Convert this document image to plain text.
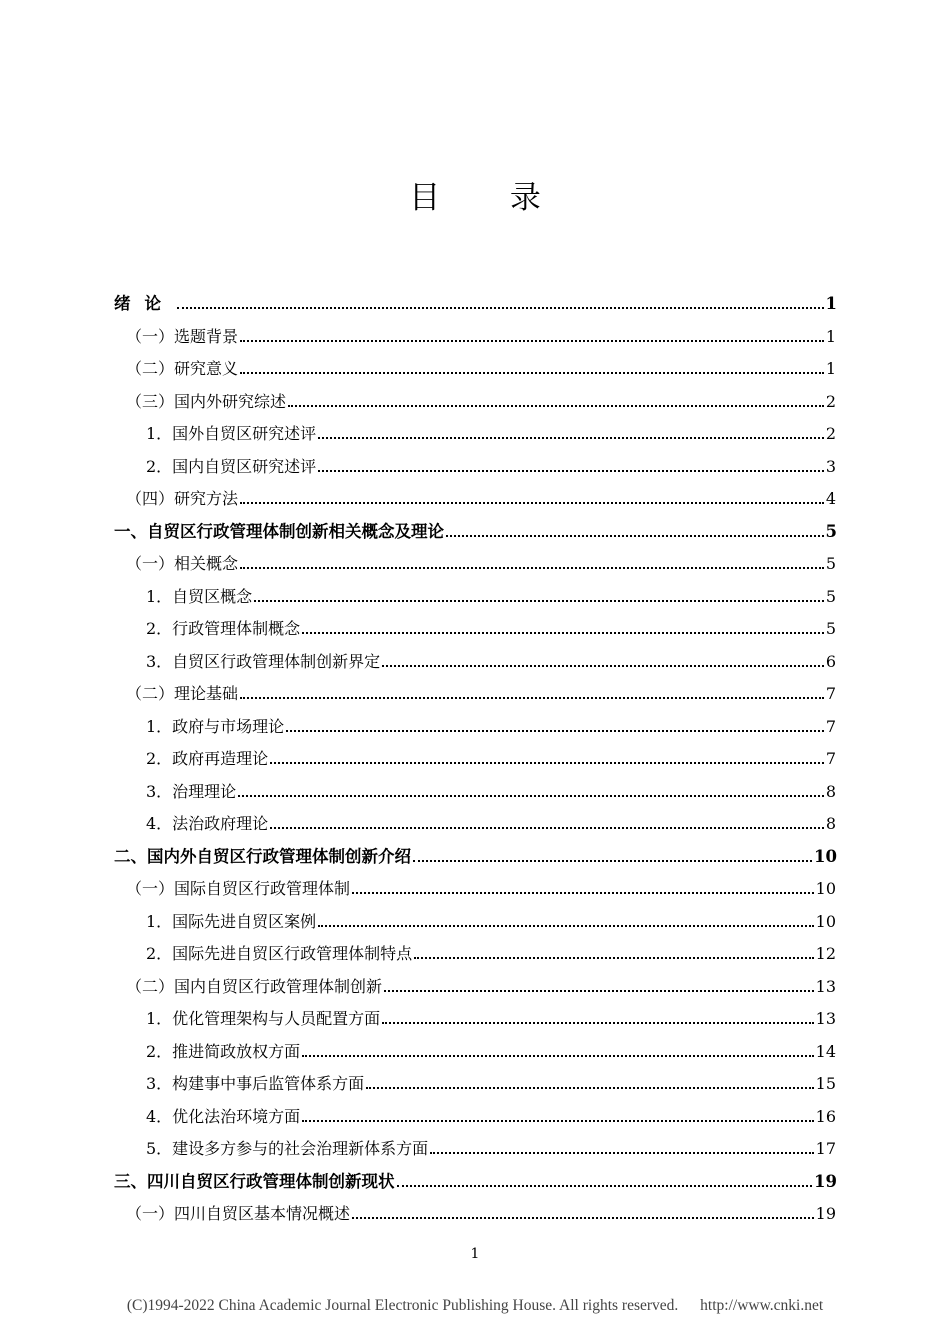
目 录
绪论	1
（一）选题背景	1
（二）研究意义	1
（三）国内外研究综述	2
1．国外自贸区研究述评	2
2．国内自贸区研究述评	3
（四）研究方法	4
一、自贸区行政管理体制创新相关概念及理论	5
（一）相关概念	5
1．自贸区概念	5
2．行政管理体制概念	5
3．自贸区行政管理体制创新界定	6
（二）理论基础	7
1．政府与市场理论	7
2．政府再造理论	7
3．治理理论	8
4．法治政府理论	8
二、国内外自贸区行政管理体制创新介绍	10
（一）国际自贸区行政管理体制	10
1．国际先进自贸区案例	10
2．国际先进自贸区行政管理体制特点	12
（二）国内自贸区行政管理体制创新	13
1．优化管理架构与人员配置方面	13
2．推进简政放权方面	14
3．构建事中事后监管体系方面	15
4．优化法治环境方面	16
5．建设多方参与的社会治理新体系方面	17
三、四川自贸区行政管理体制创新现状	19
（一）四川自贸区基本情况概述	19
1
(C)1994-2022 China Academic Journal Electronic Publishing House. All rights reserved. http://www.cnki.net
